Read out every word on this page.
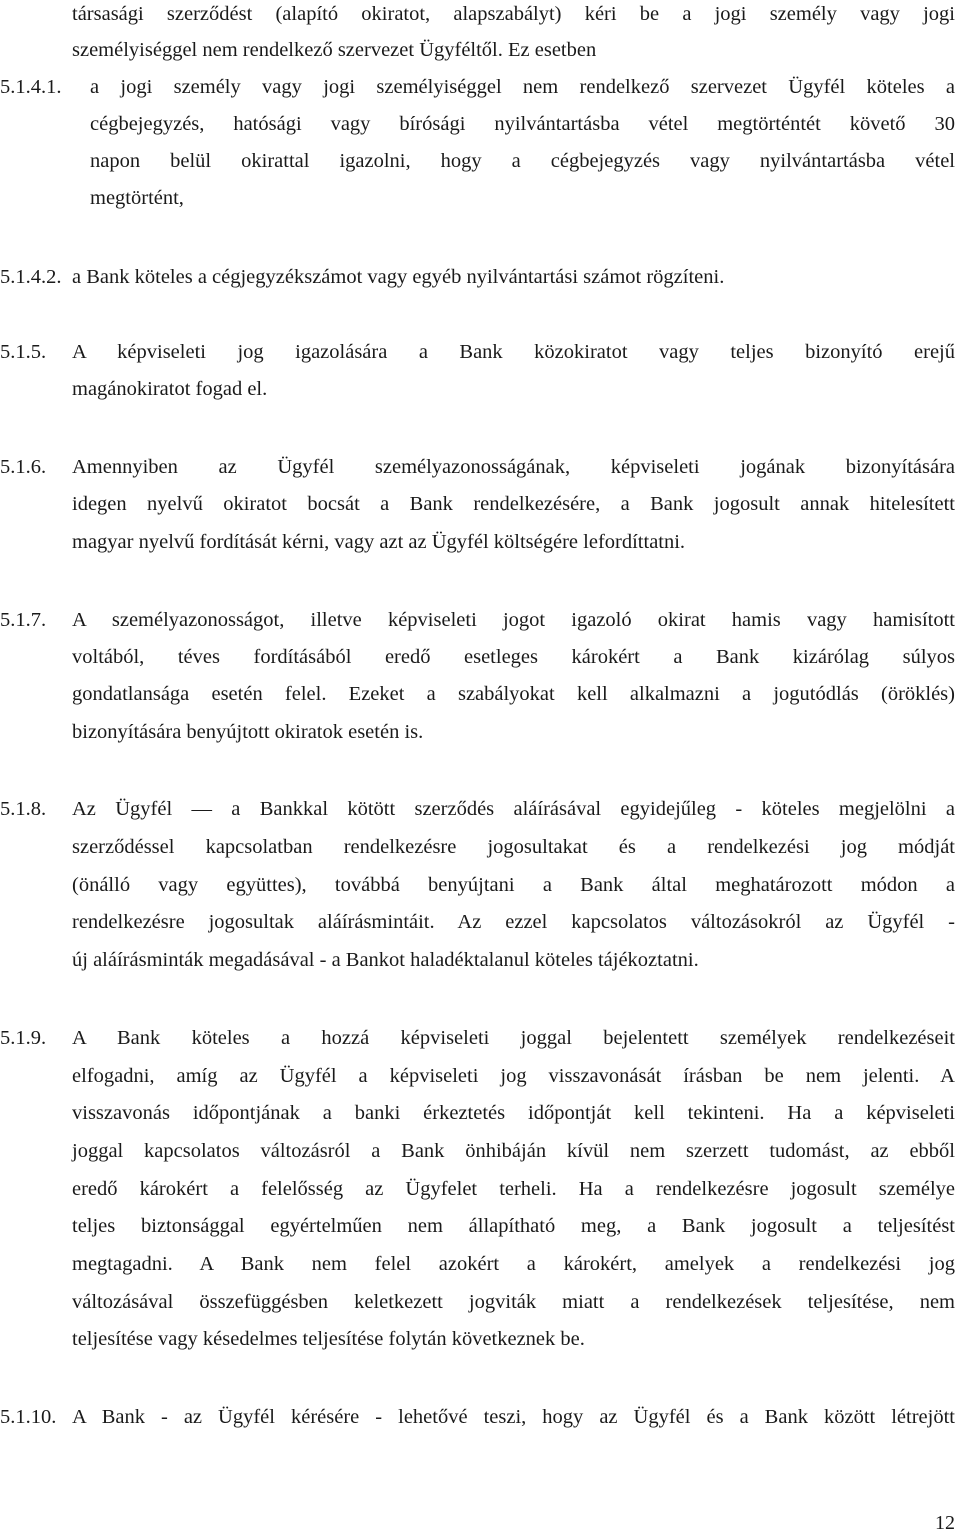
társasági szerződést (alapító okiratot, alapszabályt) kéri be a jogi személy vagy jogi
személyiséggel nem rendelkező szervezet Ügyféltől. Ez esetben
5.1.4.1. a jogi személy vagy jogi személyiséggel nem rendelkező szervezet Ügyfél köteles a
cégbejegyzés, hatósági vagy bírósági nyilvántartásba vétel megtörténtét követő 30
napon belül okirattal igazolni, hogy a cégbejegyzés vagy nyilvántartásba vétel
megtörtént,
5.1.4.2. a Bank köteles a cégjegyzékszámot vagy egyéb nyilvántartási számot rögzíteni.
5.1.5. A képviseleti jog igazolására a Bank közokiratot vagy teljes bizonyító erejű
magánokiratot fogad el.
5.1.6. Amennyiben az Ügyfél személyazonosságának, képviseleti jogának bizonyítására
idegen nyelvű okiratot bocsát a Bank rendelkezésére, a Bank jogosult annak hitelesített
magyar nyelvű fordítását kérni, vagy azt az Ügyfél költségére lefordíttatni.
5.1.7. A személyazonosságot, illetve képviseleti jogot igazoló okirat hamis vagy hamisított
voltából, téves fordításából eredő esetleges károkért a Bank kizárólag súlyos
gondatlansága esetén felel. Ezeket a szabályokat kell alkalmazni a jogutódlás (öröklés)
bizonyítására benyújtott okiratok esetén is.
5.1.8. Az Ügyfél ― a Bankkal kötött szerződés aláírásával egyidejűleg - köteles megjelölni a
szerződéssel kapcsolatban rendelkezésre jogosultakat és a rendelkezési jog módját
(önálló vagy együttes), továbbá benyújtani a Bank által meghatározott módon a
rendelkezésre jogosultak aláírásmintáit. Az ezzel kapcsolatos változásokról az Ügyfél -
új aláírásminták megadásával - a Bankot haladéktalanul köteles tájékoztatni.
5.1.9. A Bank köteles a hozzá képviseleti joggal bejelentett személyek rendelkezéseit
elfogadni, amíg az Ügyfél a képviseleti jog visszavonását írásban be nem jelenti. A
visszavonás időpontjának a banki érkeztetés időpontját kell tekinteni. Ha a képviseleti
joggal kapcsolatos változásról a Bank önhibáján kívül nem szerzett tudomást, az ebből
eredő károkért a felelősség az Ügyfelet terheli. Ha a rendelkezésre jogosult személye
teljes biztonsággal egyértelműen nem állapítható meg, a Bank jogosult a teljesítést
megtagadni. A Bank nem felel azokért a károkért, amelyek a rendelkezési jog
változásával összefüggésben keletkezett jogviták miatt a rendelkezések teljesítése, nem
teljesítése vagy késedelmes teljesítése folytán következnek be.
5.1.10. A Bank - az Ügyfél kérésére - lehetővé teszi, hogy az Ügyfél és a Bank között létrejött
12
